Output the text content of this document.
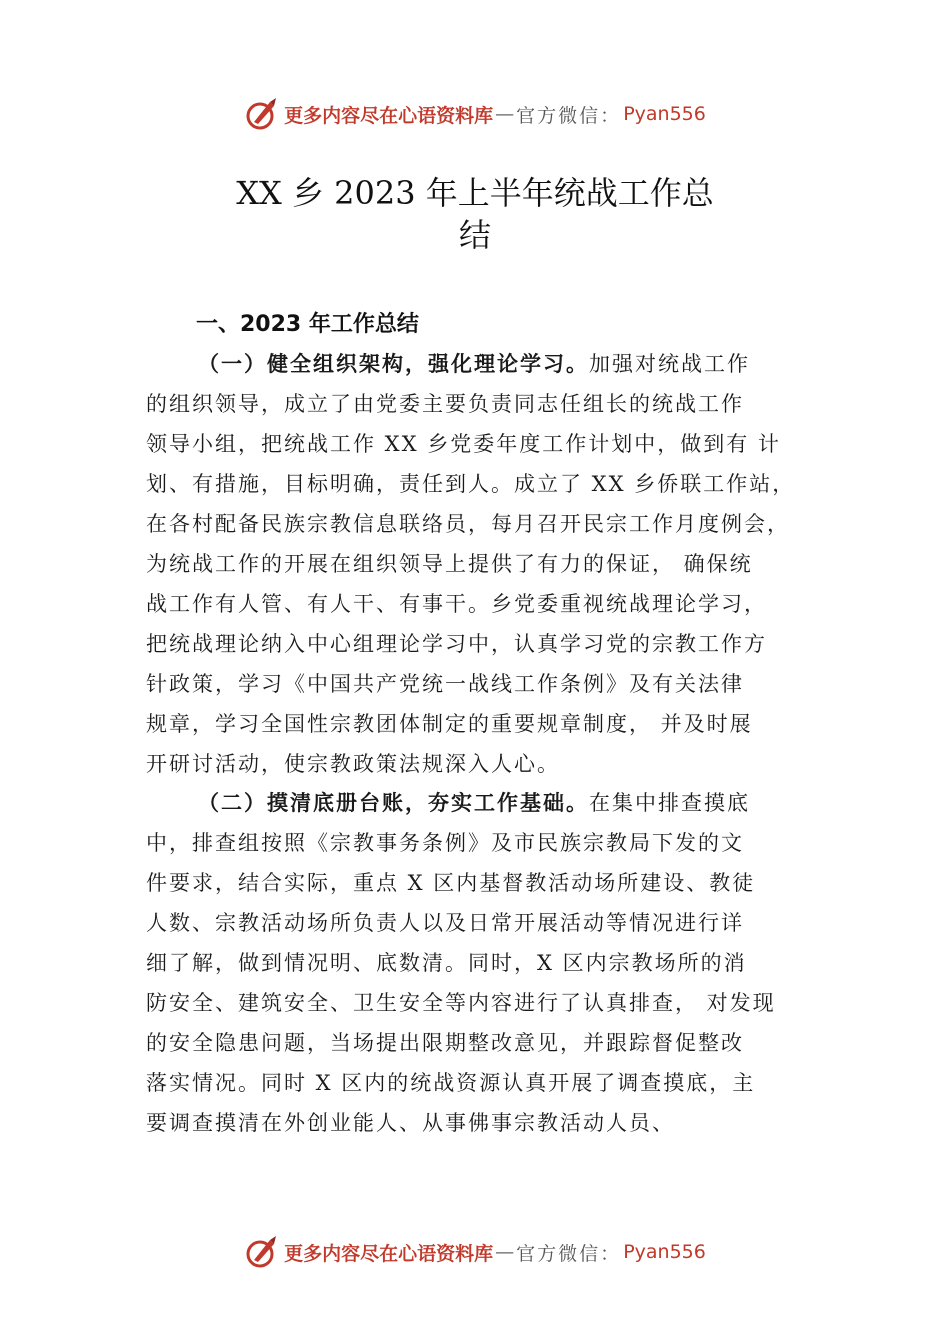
更多内容尽在心语资料库 — 官方微信： Pyan556
XX 乡 2023 年上半年统战工作总
结
一、2023 年工作总结
（一）健全组织架构，强化理论学习。加强对统战工作
的组织领导，成立了由党委主要负责同志任组长的统战工作
领导小组，把统战工作 XX 乡党委年度工作计划中，做到有 计
划、有措施，目标明确，责任到人。成立了 XX 乡侨联工作站，
在各村配备民族宗教信息联络员，每月召开民宗工作月度例会，
为统战工作的开展在组织领导上提供了有力的保证， 确保统
战工作有人管、有人干、有事干。乡党委重视统战理论学习，
把统战理论纳入中心组理论学习中，认真学习党的宗教工作方
针政策，学习《中国共产党统一战线工作条例》及有关法律
规章，学习全国性宗教团体制定的重要规章制度， 并及时展
开研讨活动，使宗教政策法规深入人心。
（二）摸清底册台账，夯实工作基础。在集中排查摸底
中，排查组按照《宗教事务条例》及市民族宗教局下发的文
件要求，结合实际，重点 X 区内基督教活动场所建设、教徒
人数、宗教活动场所负责人以及日常开展活动等情况进行详
细了解，做到情况明、底数清。同时，X 区内宗教场所的消
防安全、建筑安全、卫生安全等内容进行了认真排查， 对发现
的安全隐患问题，当场提出限期整改意见，并跟踪督促整改
落实情况。同时 X 区内的统战资源认真开展了调查摸底，主
要调查摸清在外创业能人、从事佛事宗教活动人员、
更多内容尽在心语资料库 — 官方微信： Pyan556
